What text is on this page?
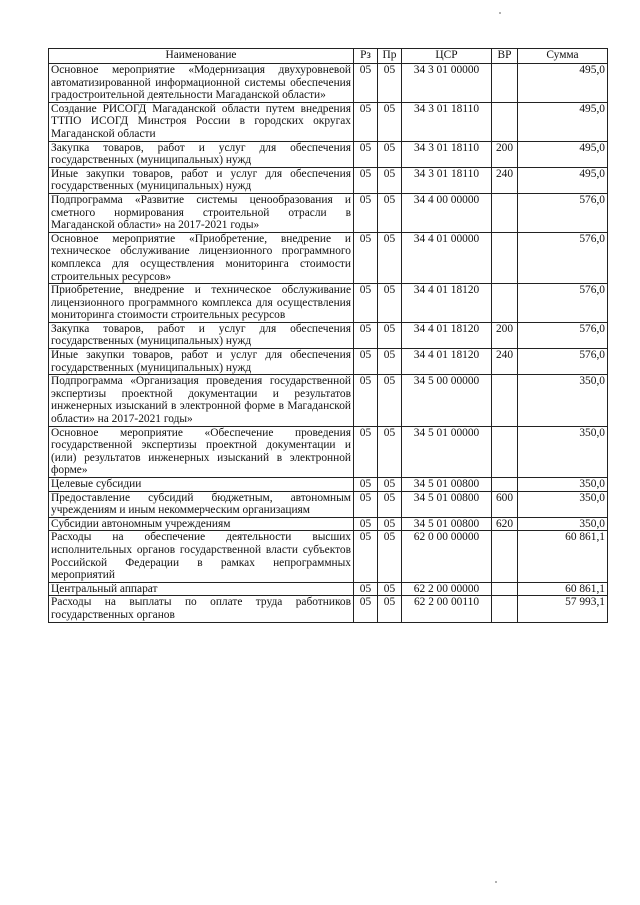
Наименование	Рз	Пр	ЦСР	ВР	Сумма
Основное мероприятие «Модернизация двухуровневой автоматизированной информационной системы обеспечения градостроительной деятельности Магаданской области»	05	05	34 3 01 00000		495,0
Создание РИСОГД Магаданской области путем внедрения ТТПО ИСОГД Минстроя России в городских округах Магаданской области	05	05	34 3 01 18110		495,0
Закупка товаров, работ и услуг для обеспечения государственных (муниципальных) нужд	05	05	34 3 01 18110	200	495,0
Иные закупки товаров, работ и услуг для обеспечения государственных (муниципальных) нужд	05	05	34 3 01 18110	240	495,0
Подпрограмма «Развитие системы ценообразования и сметного нормирования строительной отрасли в Магаданской области» на 2017-2021 годы»	05	05	34 4 00 00000		576,0
Основное мероприятие «Приобретение, внедрение и техническое обслуживание лицензионного программного комплекса для осуществления мониторинга стоимости строительных ресурсов»	05	05	34 4 01 00000		576,0
Приобретение, внедрение и техническое обслуживание лицензионного программного комплекса для осуществления мониторинга стоимости строительных ресурсов	05	05	34 4 01 18120		576,0
Закупка товаров, работ и услуг для обеспечения государственных (муниципальных) нужд	05	05	34 4 01 18120	200	576,0
Иные закупки товаров, работ и услуг для обеспечения государственных (муниципальных) нужд	05	05	34 4 01 18120	240	576,0
Подпрограмма «Организация проведения государственной экспертизы проектной документации и результатов инженерных изысканий в электронной форме в Магаданской области» на 2017-2021 годы»	05	05	34 5 00 00000		350,0
Основное мероприятие «Обеспечение проведения государственной экспертизы проектной документации и (или) результатов инженерных изысканий в электронной форме»	05	05	34 5 01 00000		350,0
Целевые субсидии	05	05	34 5 01 00800		350,0
Предоставление субсидий бюджетным, автономным учреждениям и иным некоммерческим организациям	05	05	34 5 01 00800	600	350,0
Субсидии автономным учреждениям	05	05	34 5 01 00800	620	350,0
Расходы на обеспечение деятельности высших исполнительных органов государственной власти субъектов Российской Федерации в рамках непрограммных мероприятий	05	05	62 0 00 00000		60 861,1
Центральный аппарат	05	05	62 2 00 00000		60 861,1
Расходы на выплаты по оплате труда работников государственных органов	05	05	62 2 00 00110		57 993,1
